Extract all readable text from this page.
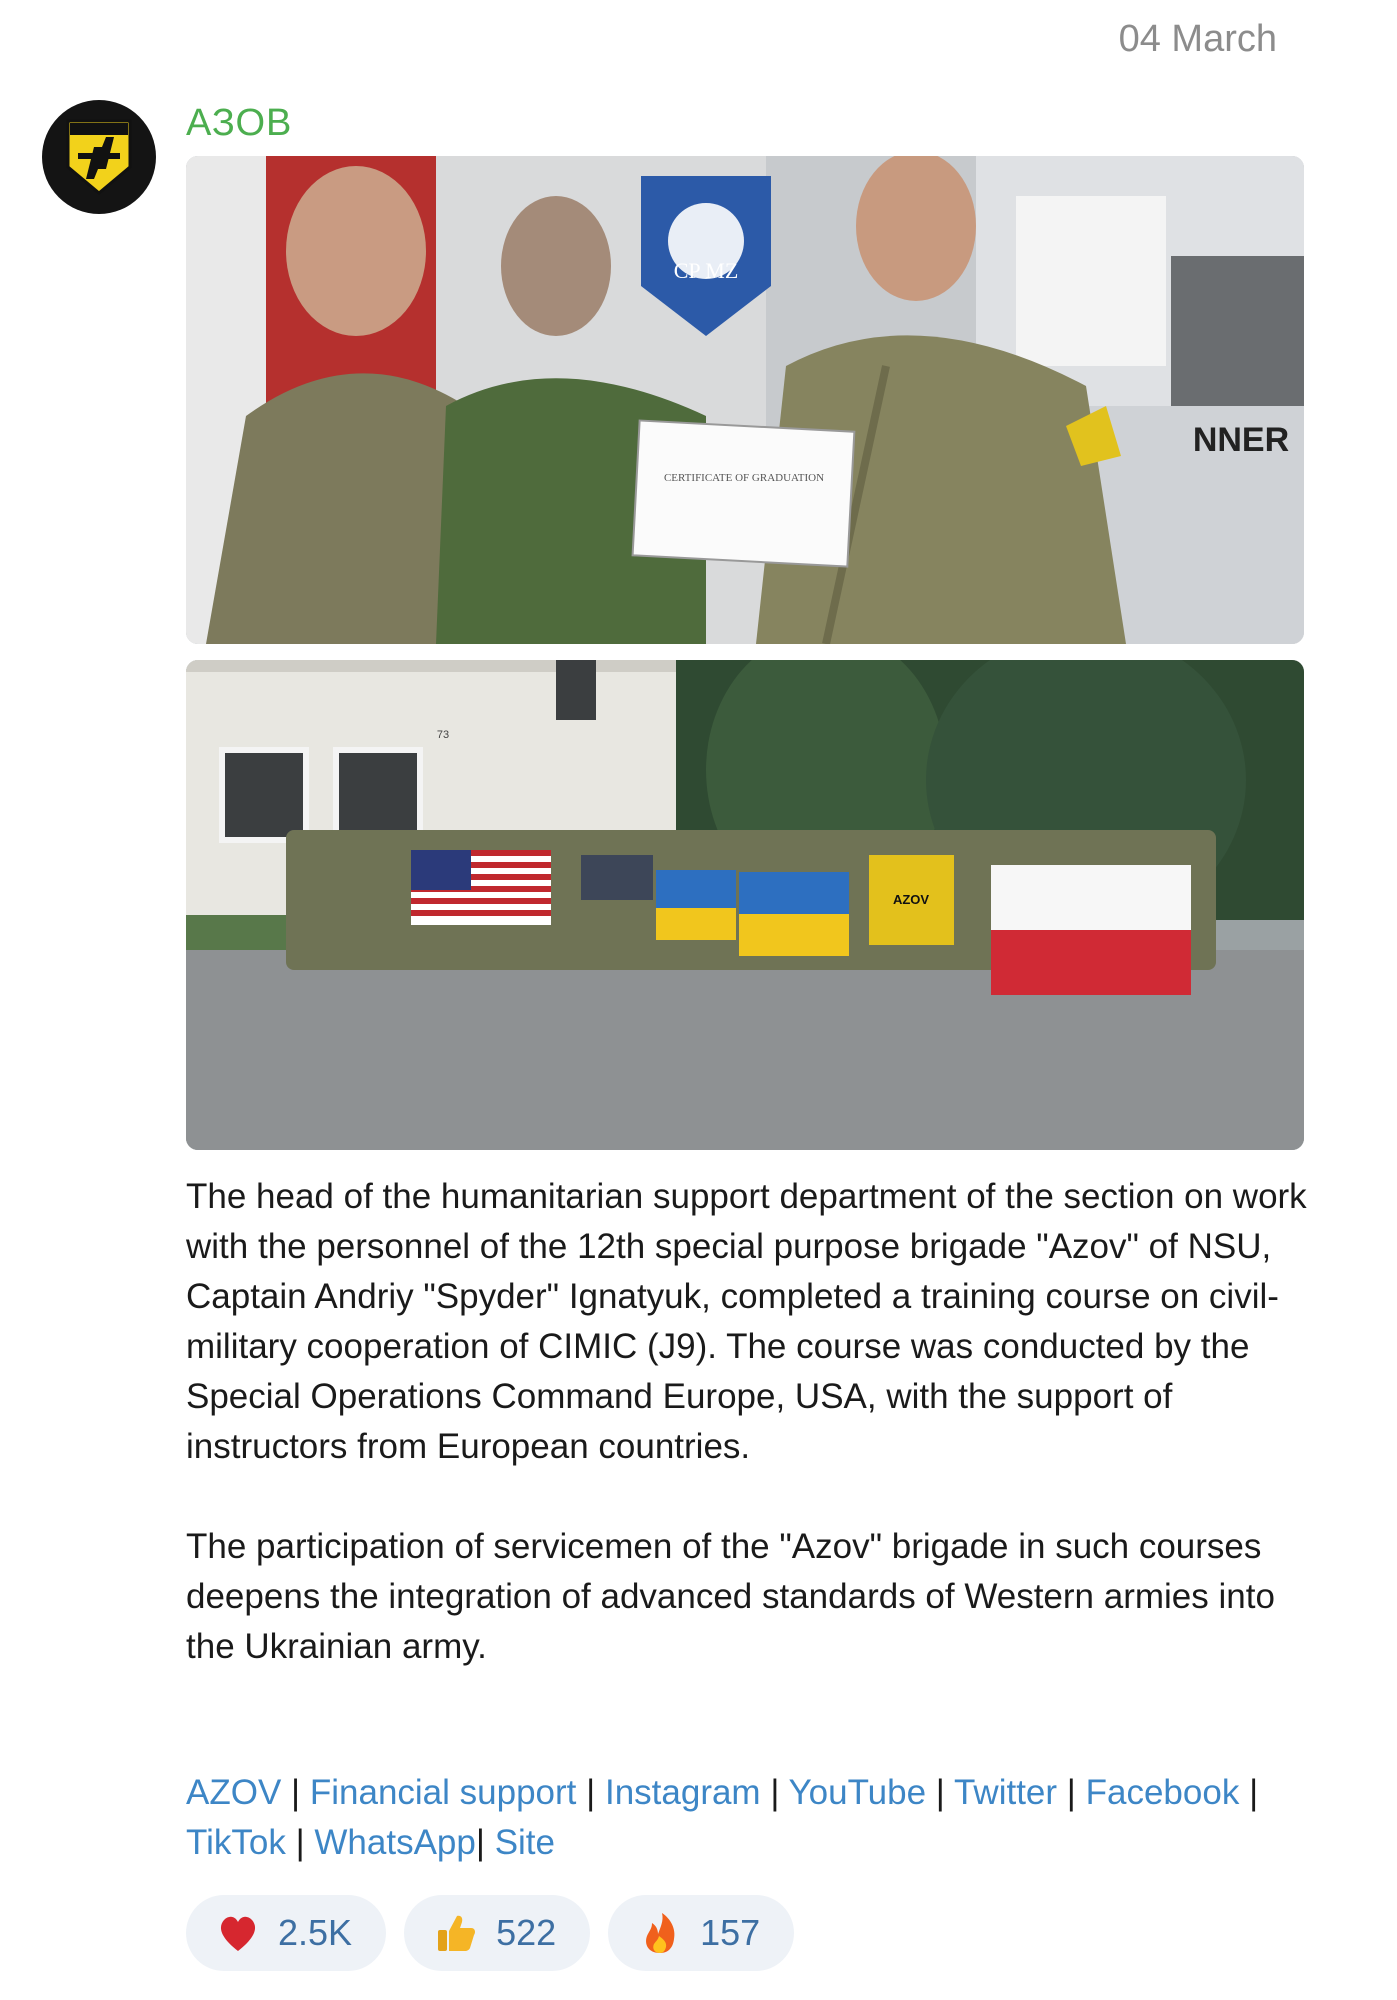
04 March
АЗОВ
CP MZ
CERTIFICATE OF GRADUATION
NNER
73
AZOV

The head of the humanitarian support department of the section on work with the personnel of the 12th special purpose brigade "Azov" of NSU, Captain Andriy "Spyder" Ignatyuk, completed a training course on civil-military cooperation of CIMIC (J9). The course was conducted by the Special Operations Command Europe, USA, with the support of instructors from European countries.

The participation of servicemen of the "Azov" brigade in such courses deepens the integration of advanced standards of Western armies into the Ukrainian army.

AZOV | Financial support | Instagram | YouTube | Twitter | Facebook | TikTok | WhatsApp| Site
2.5K	522	157
